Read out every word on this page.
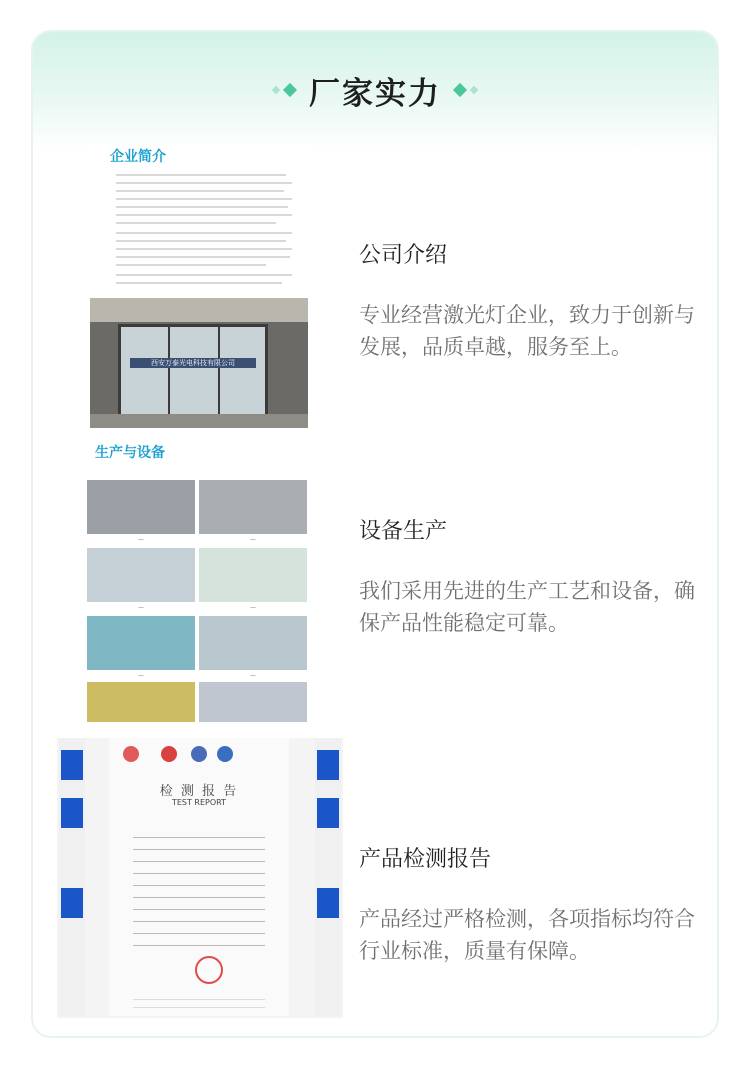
厂家实力
企业简介
西安万泰光电科技有限公司
公司介绍

专业经营激光灯企业，致力于创新与发展，品质卓越，服务至上。

生产与设备
—	—
—	—
—	—
设备生产

我们采用先进的生产工艺和设备，确保产品性能稳定可靠。

检 测 报 告
TEST REPORT
产品检测报告

产品经过严格检测，各项指标均符合行业标准，质量有保障。
